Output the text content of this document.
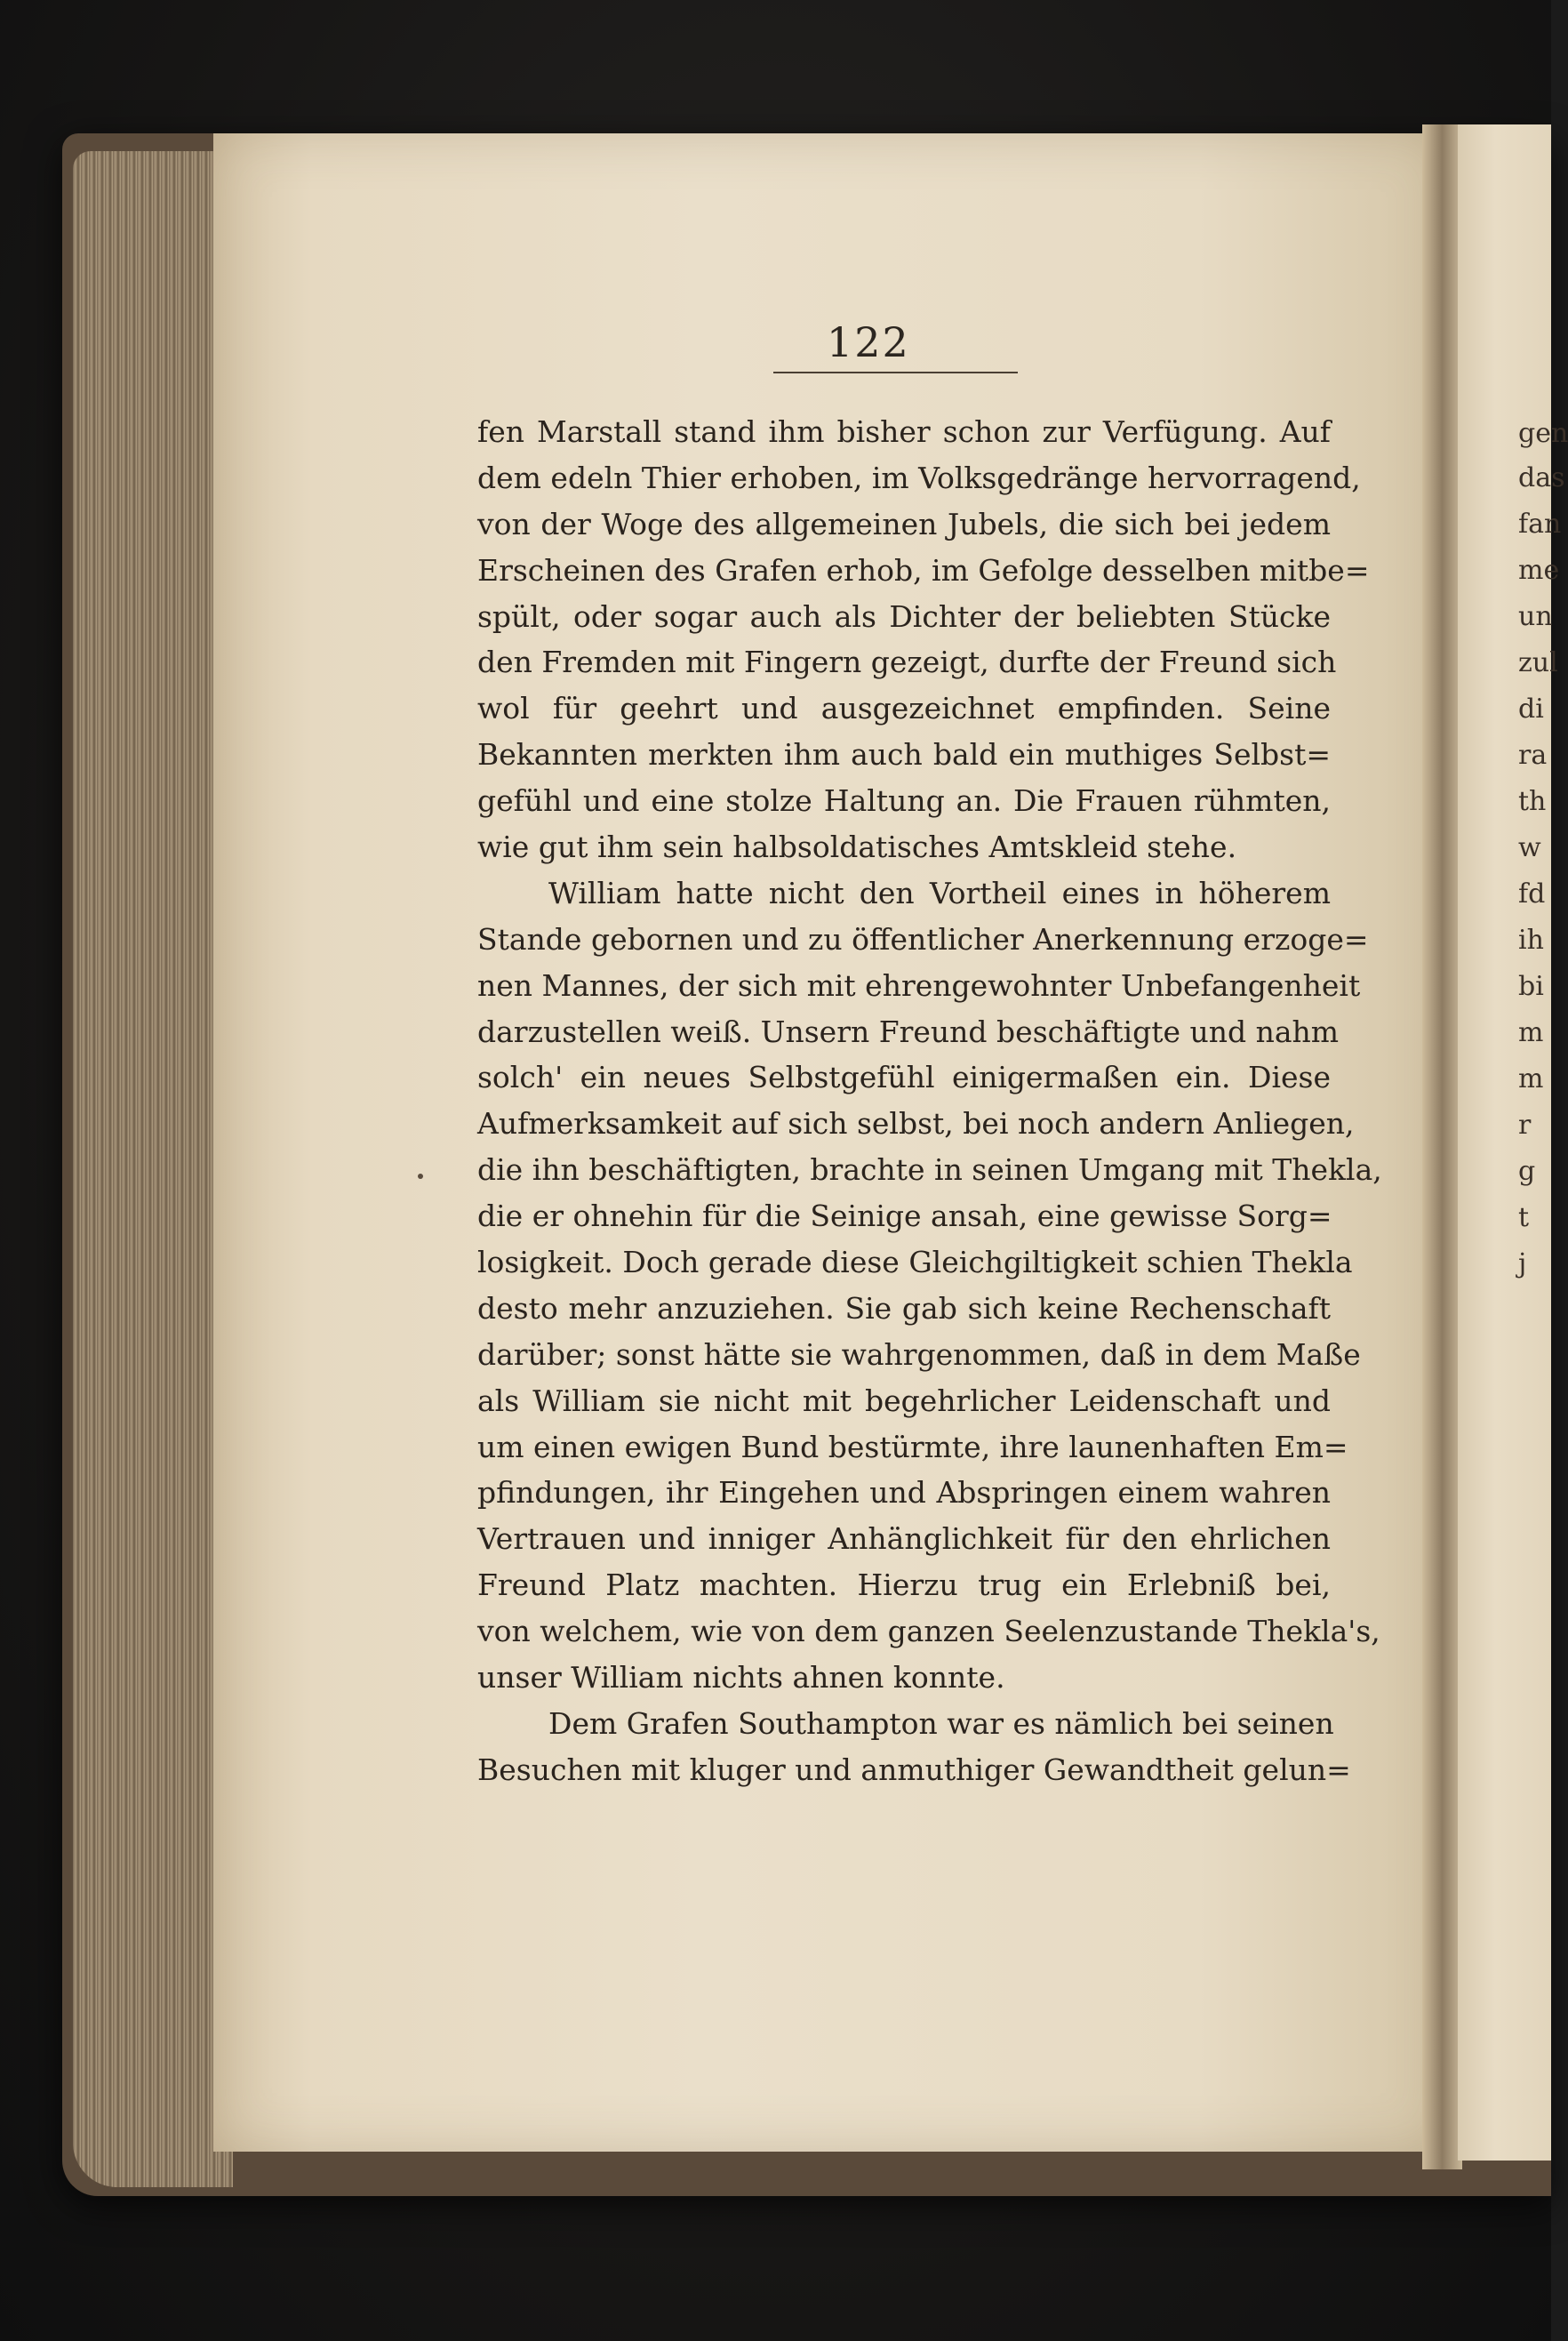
gen
das
fan
me
un
zul
di
ra
th
w
fd
ih
bi
m
m
r
g
t
j
122
fen Marstall stand ihm bisher schon zur Verfügung. Auf
dem edeln Thier erhoben, im Volksgedränge hervorragend,
von der Woge des allgemeinen Jubels, die sich bei jedem
Erscheinen des Grafen erhob, im Gefolge desselben mitbe=
spült, oder sogar auch als Dichter der beliebten Stücke
den Fremden mit Fingern gezeigt, durfte der Freund sich
wol für geehrt und ausgezeichnet empfinden. Seine
Bekannten merkten ihm auch bald ein muthiges Selbst=
gefühl und eine stolze Haltung an. Die Frauen rühmten,
wie gut ihm sein halbsoldatisches Amtskleid stehe.
William hatte nicht den Vortheil eines in höherem
Stande gebornen und zu öffentlicher Anerkennung erzoge=
nen Mannes, der sich mit ehrengewohnter Unbefangenheit
darzustellen weiß. Unsern Freund beschäftigte und nahm
solch' ein neues Selbstgefühl einigermaßen ein. Diese
Aufmerksamkeit auf sich selbst, bei noch andern Anliegen,
die ihn beschäftigten, brachte in seinen Umgang mit Thekla,
die er ohnehin für die Seinige ansah, eine gewisse Sorg=
losigkeit. Doch gerade diese Gleichgiltigkeit schien Thekla
desto mehr anzuziehen. Sie gab sich keine Rechenschaft
darüber; sonst hätte sie wahrgenommen, daß in dem Maße
als William sie nicht mit begehrlicher Leidenschaft und
um einen ewigen Bund bestürmte, ihre launenhaften Em=
pfindungen, ihr Eingehen und Abspringen einem wahren
Vertrauen und inniger Anhänglichkeit für den ehrlichen
Freund Platz machten. Hierzu trug ein Erlebniß bei,
von welchem, wie von dem ganzen Seelenzustande Thekla's,
unser William nichts ahnen konnte.
Dem Grafen Southampton war es nämlich bei seinen
Besuchen mit kluger und anmuthiger Gewandtheit gelun=
